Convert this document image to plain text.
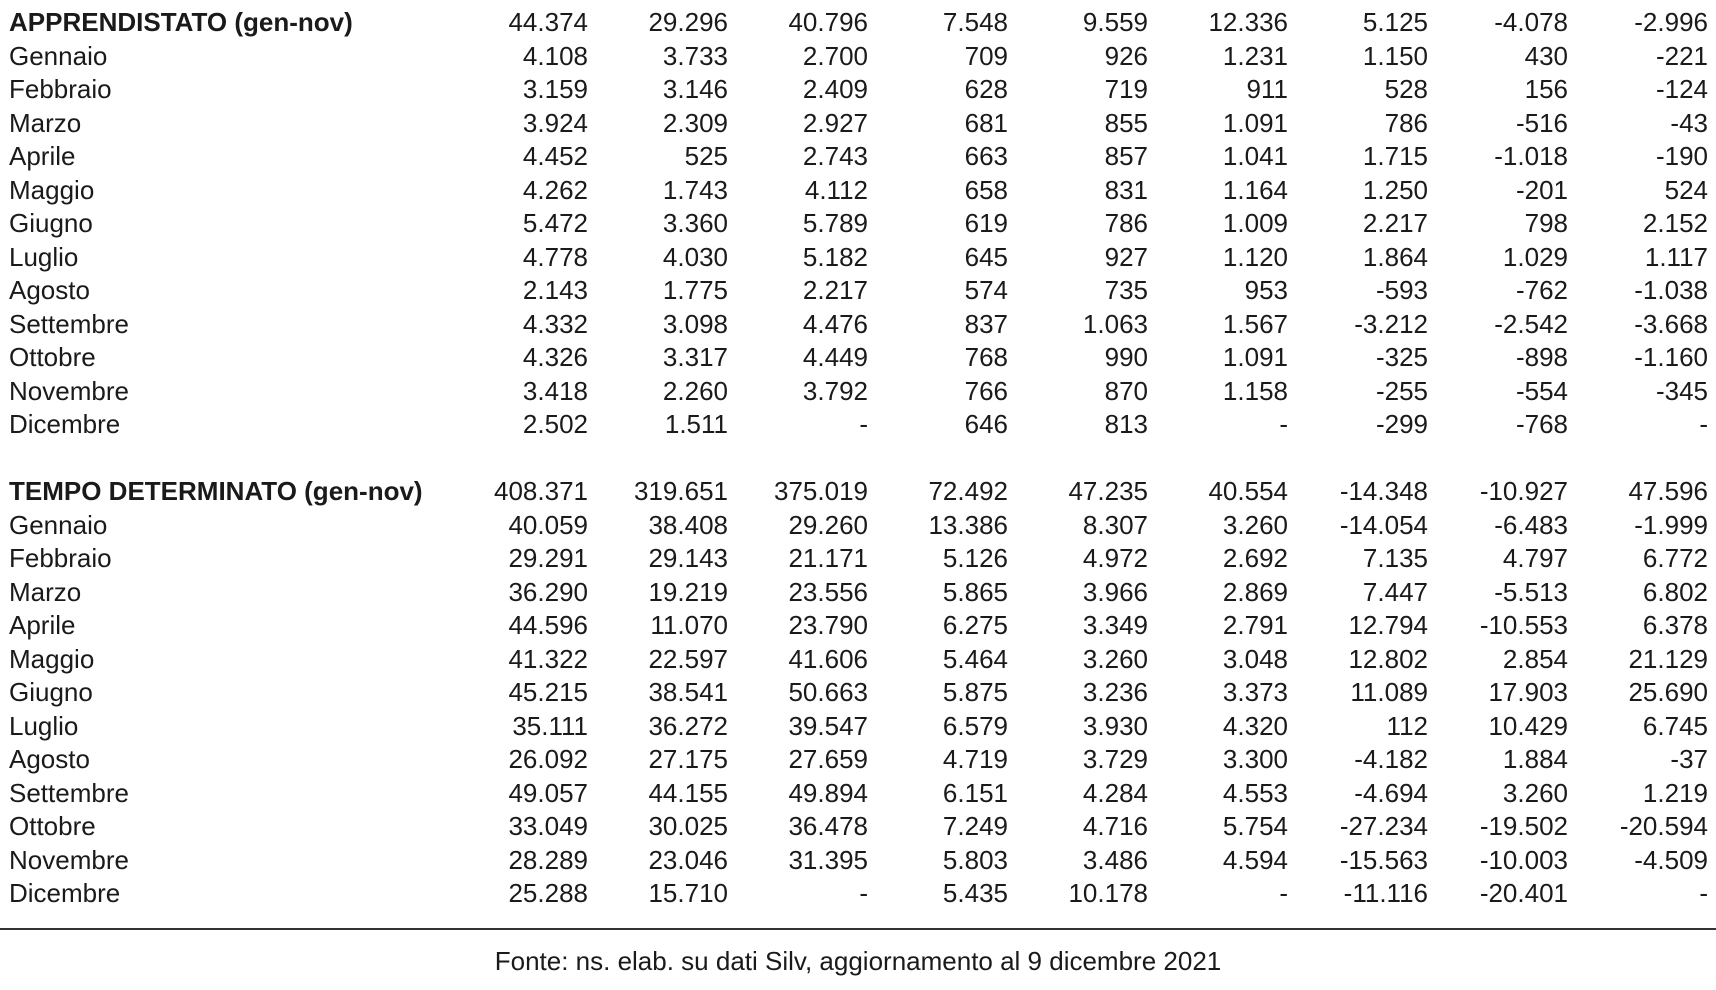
APPRENDISTATO (gen-nov)	44.374	29.296	40.796	7.548	9.559	12.336	5.125	-4.078	-2.996
Gennaio	4.108	3.733	2.700	709	926	1.231	1.150	430	-221
Febbraio	3.159	3.146	2.409	628	719	911	528	156	-124
Marzo	3.924	2.309	2.927	681	855	1.091	786	-516	-43
Aprile	4.452	525	2.743	663	857	1.041	1.715	-1.018	-190
Maggio	4.262	1.743	4.112	658	831	1.164	1.250	-201	524
Giugno	5.472	3.360	5.789	619	786	1.009	2.217	798	2.152
Luglio	4.778	4.030	5.182	645	927	1.120	1.864	1.029	1.117
Agosto	2.143	1.775	2.217	574	735	953	-593	-762	-1.038
Settembre	4.332	3.098	4.476	837	1.063	1.567	-3.212	-2.542	-3.668
Ottobre	4.326	3.317	4.449	768	990	1.091	-325	-898	-1.160
Novembre	3.418	2.260	3.792	766	870	1.158	-255	-554	-345
Dicembre	2.502	1.511	-	646	813	-	-299	-768	-
TEMPO DETERMINATO (gen-nov)	408.371	319.651	375.019	72.492	47.235	40.554	-14.348	-10.927	47.596
Gennaio	40.059	38.408	29.260	13.386	8.307	3.260	-14.054	-6.483	-1.999
Febbraio	29.291	29.143	21.171	5.126	4.972	2.692	7.135	4.797	6.772
Marzo	36.290	19.219	23.556	5.865	3.966	2.869	7.447	-5.513	6.802
Aprile	44.596	11.070	23.790	6.275	3.349	2.791	12.794	-10.553	6.378
Maggio	41.322	22.597	41.606	5.464	3.260	3.048	12.802	2.854	21.129
Giugno	45.215	38.541	50.663	5.875	3.236	3.373	11.089	17.903	25.690
Luglio	35.111	36.272	39.547	6.579	3.930	4.320	112	10.429	6.745
Agosto	26.092	27.175	27.659	4.719	3.729	3.300	-4.182	1.884	-37
Settembre	49.057	44.155	49.894	6.151	4.284	4.553	-4.694	3.260	1.219
Ottobre	33.049	30.025	36.478	7.249	4.716	5.754	-27.234	-19.502	-20.594
Novembre	28.289	23.046	31.395	5.803	3.486	4.594	-15.563	-10.003	-4.509
Dicembre	25.288	15.710	-	5.435	10.178	-	-11.116	-20.401	-
Fonte: ns. elab. su dati Silv, aggiornamento al 9 dicembre 2021
